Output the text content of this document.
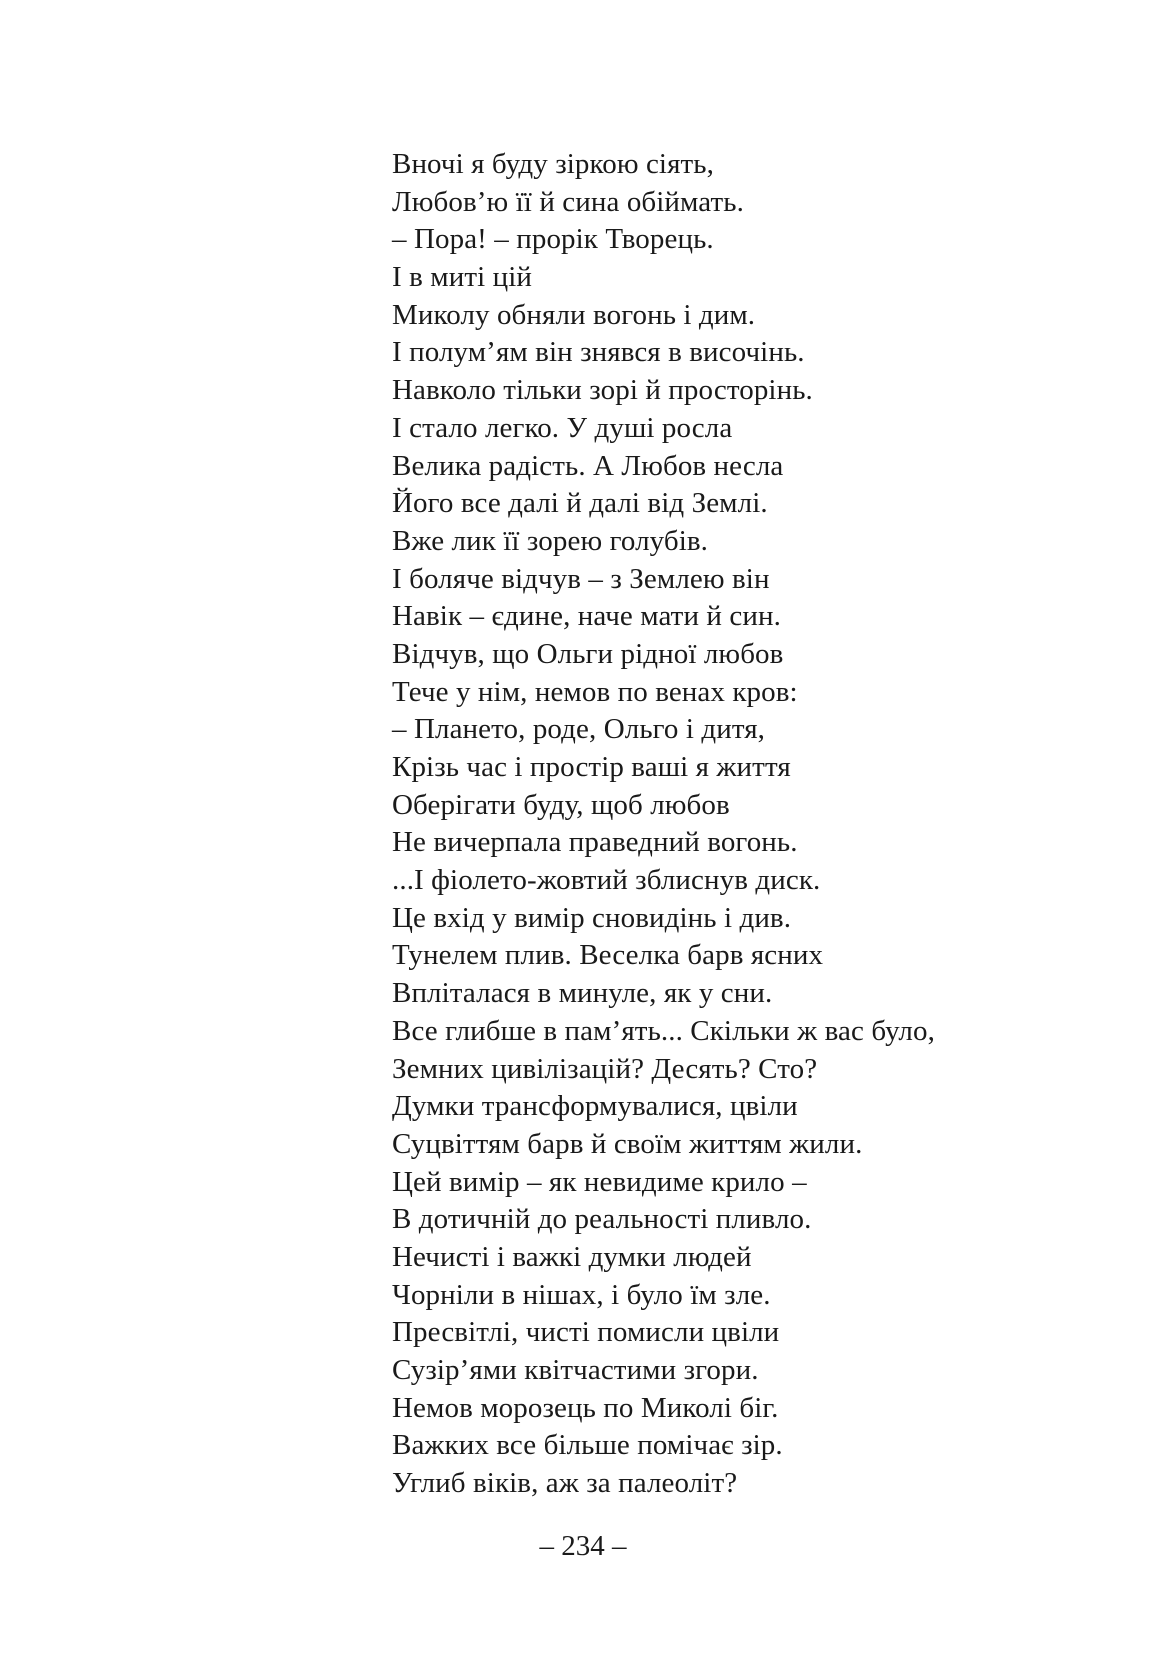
Вночі я буду зіркою сіять,
Любов’ю її й сина обіймать.
– Пора! – прорік Творець.
І в миті цій
Миколу обняли вогонь і дим.
І полум’ям він знявся в височінь.
Навколо тільки зорі й просторінь.
І стало легко. У душі росла
Велика радість. А Любов несла
Його все далі й далі від Землі.
Вже лик її зорею голубів.
І боляче відчув – з Землею він
Навік – єдине, наче мати й син.
Відчув, що Ольги рідної любов
Тече у нім, немов по венах кров:
– Плането, роде, Ольго і дитя,
Крізь час і простір ваші я життя
Оберігати буду, щоб любов
Не вичерпала праведний вогонь.
...І фіолето-жовтий зблиснув диск.
Це вхід у вимір сновидінь і див.
Тунелем плив. Веселка барв ясних
Вплiталася в минуле, як у сни.
Все глибше в пам’ять... Скільки ж вас було,
Земних цивілізацій? Десять? Сто?
Думки трансформувалися, цвіли
Суцвіттям барв й своїм життям жили.
Цей вимір – як невидиме крило –
В дотичній до реальності пливло.
Нечисті і важкі думки людей
Чорніли в нішах, і було їм зле.
Пресвітлі, чисті помисли цвіли
Сузір’ями квітчастими згори.
Немов морозець по Миколі біг.
Важких все більше помічає зір.
Углиб віків, аж за палеоліт?
– 234 –
